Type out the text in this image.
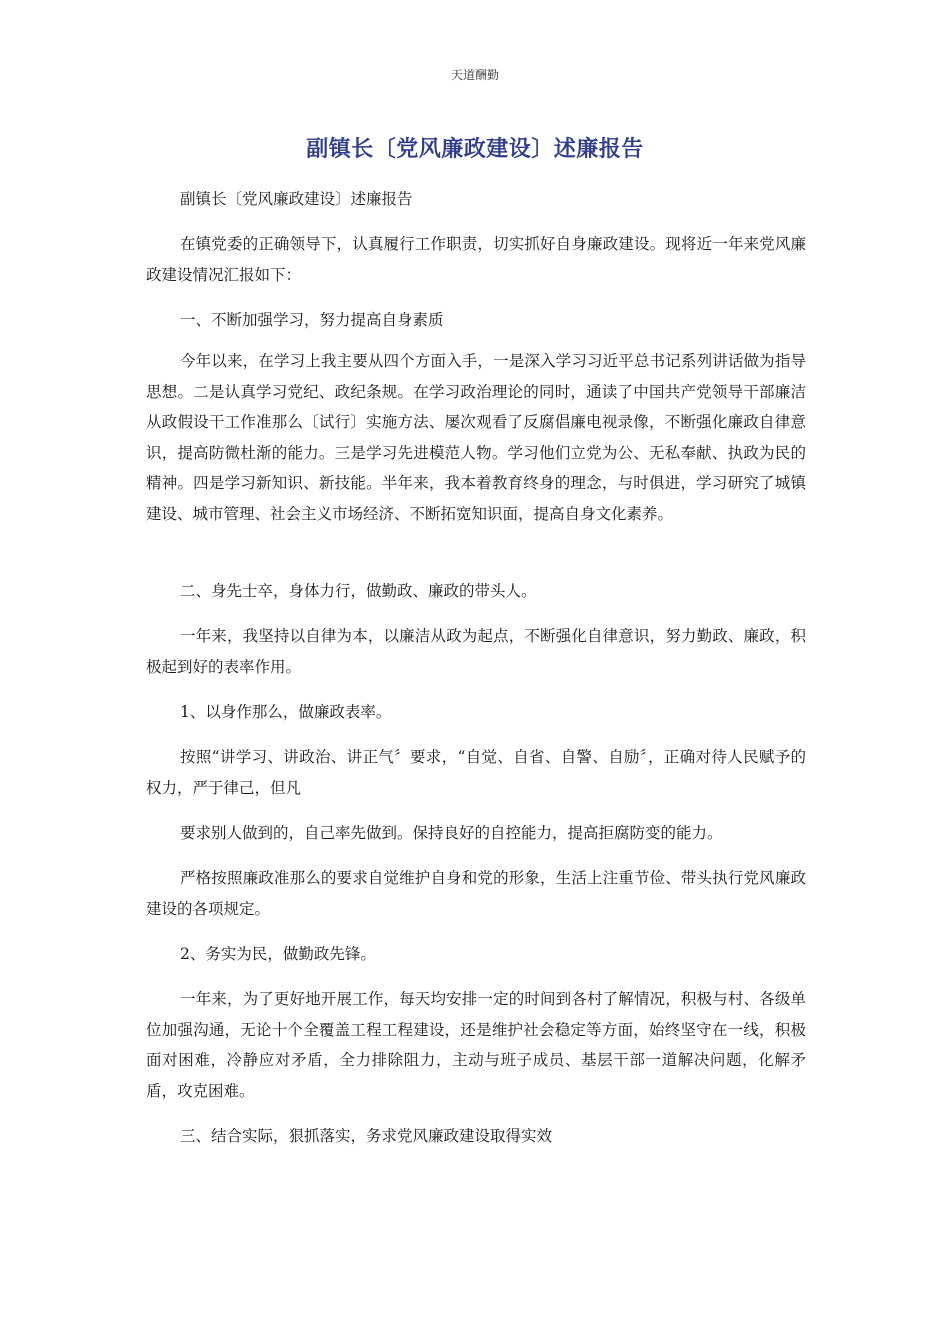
天道酬勤
副镇长〔党风廉政建设〕述廉报告

副镇长〔党风廉政建设〕述廉报告

在镇党委的正确领导下，认真履行工作职责，切实抓好自身廉政建设。现将近一年来党风廉政建设情况汇报如下：

一、不断加强学习，努力提高自身素质

今年以来，在学习上我主要从四个方面入手，一是深入学习习近平总书记系列讲话做为指导思想。二是认真学习党纪、政纪条规。在学习政治理论的同时，通读了中国共产党领导干部廉洁从政假设干工作准那么〔试行〕实施方法、屡次观看了反腐倡廉电视录像，不断强化廉政自律意识，提高防微杜渐的能力。三是学习先进模范人物。学习他们立党为公、无私奉献、执政为民的精神。四是学习新知识、新技能。半年来，我本着教育终身的理念，与时俱进，学习研究了城镇建设、城市管理、社会主义市场经济、不断拓宽知识面，提高自身文化素养。

二、身先士卒，身体力行，做勤政、廉政的带头人。

一年来，我坚持以自律为本，以廉洁从政为起点，不断强化自律意识，努力勤政、廉政，积极起到好的表率作用。

1、以身作那么，做廉政表率。

按照“讲学习、讲政治、讲正气〞要求，“自觉、自省、自警、自励〞，正确对待人民赋予的权力，严于律己，但凡

要求别人做到的，自己率先做到。保持良好的自控能力，提高拒腐防变的能力。

严格按照廉政准那么的要求自觉维护自身和党的形象，生活上注重节俭、带头执行党风廉政建设的各项规定。

2、务实为民，做勤政先锋。

一年来，为了更好地开展工作，每天均安排一定的时间到各村了解情况，积极与村、各级单位加强沟通，无论十个全覆盖工程工程建设，还是维护社会稳定等方面，始终坚守在一线，积极面对困难，冷静应对矛盾，全力排除阻力，主动与班子成员、基层干部一道解决问题，化解矛盾，攻克困难。

三、结合实际，狠抓落实，务求党风廉政建设取得实效
